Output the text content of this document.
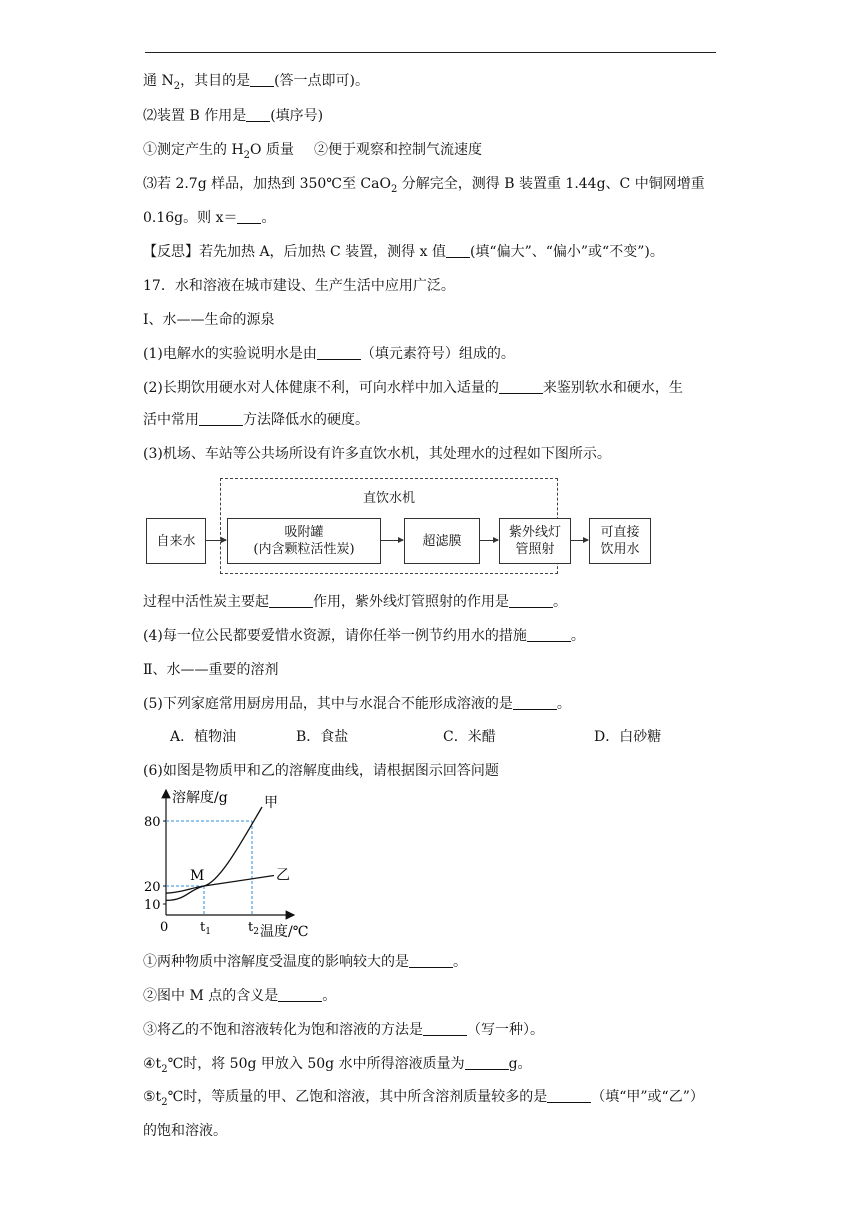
通 $N_2$，其目的是 (答一点即可)。
⑵装置 B 作用是 (填序号)
①测定产生的 $H_2O$ 质量 ②便于观察和控制气流速度
⑶若 2.7g 样品，加热到 350℃至 CaO$_2$ 分解完全，测得 B 装置重 1.44g、C 中铜网增重
0.16g。则 x＝ 。
【反思】若先加热 A，后加热 C 装置，测得 x 值 (填“偏大”、“偏小”或“不变”)。
17．水和溶液在城市建设、生产生活中应用广泛。
Ⅰ、水——生命的源泉
(1)电解水的实验说明水是由	（填元素符号）组成的。
(2)长期饮用硬水对人体健康不利，可向水样中加入适量的	来鉴别软水和硬水，生
活中常用	方法降低水的硬度。
(3)机场、车站等公共场所设有许多直饮水机，其处理水的过程如下图所示。
直饮水机
自来水
吸附罐
(内含颗粒活性炭)
超滤膜
紫外线灯
管照射
可直接
饮用水
过程中活性炭主要起	作用，紫外线灯管照射的作用是	。
(4)每一位公民都要爱惜水资源，请你任举一例节约用水的措施	。
Ⅱ、水——重要的溶剂
(5)下列家庭常用厨房用品，其中与水混合不能形成溶液的是	。
A．植物油	B．食盐	C．米醋	D．白砂糖
(6)如图是物质甲和乙的溶解度曲线，请根据图示回答问题
甲
乙
M
10
20
80
$t_1$	$t_2$
溶解度/g
温度/℃
0
①两种物质中溶解度受温度的影响较大的是	。
②图中 M 点的含义是	。
③将乙的不饱和溶液转化为饱和溶液的方法是	（写一种）。
$④t_2℃$时，将 50g 甲放入 50g 水中所得溶液质量为	g。
$⑤t_2℃$时，等质量的甲、乙饱和溶液，其中所含溶剂质量较多的是	（填“甲”或“乙”）
的饱和溶液。
